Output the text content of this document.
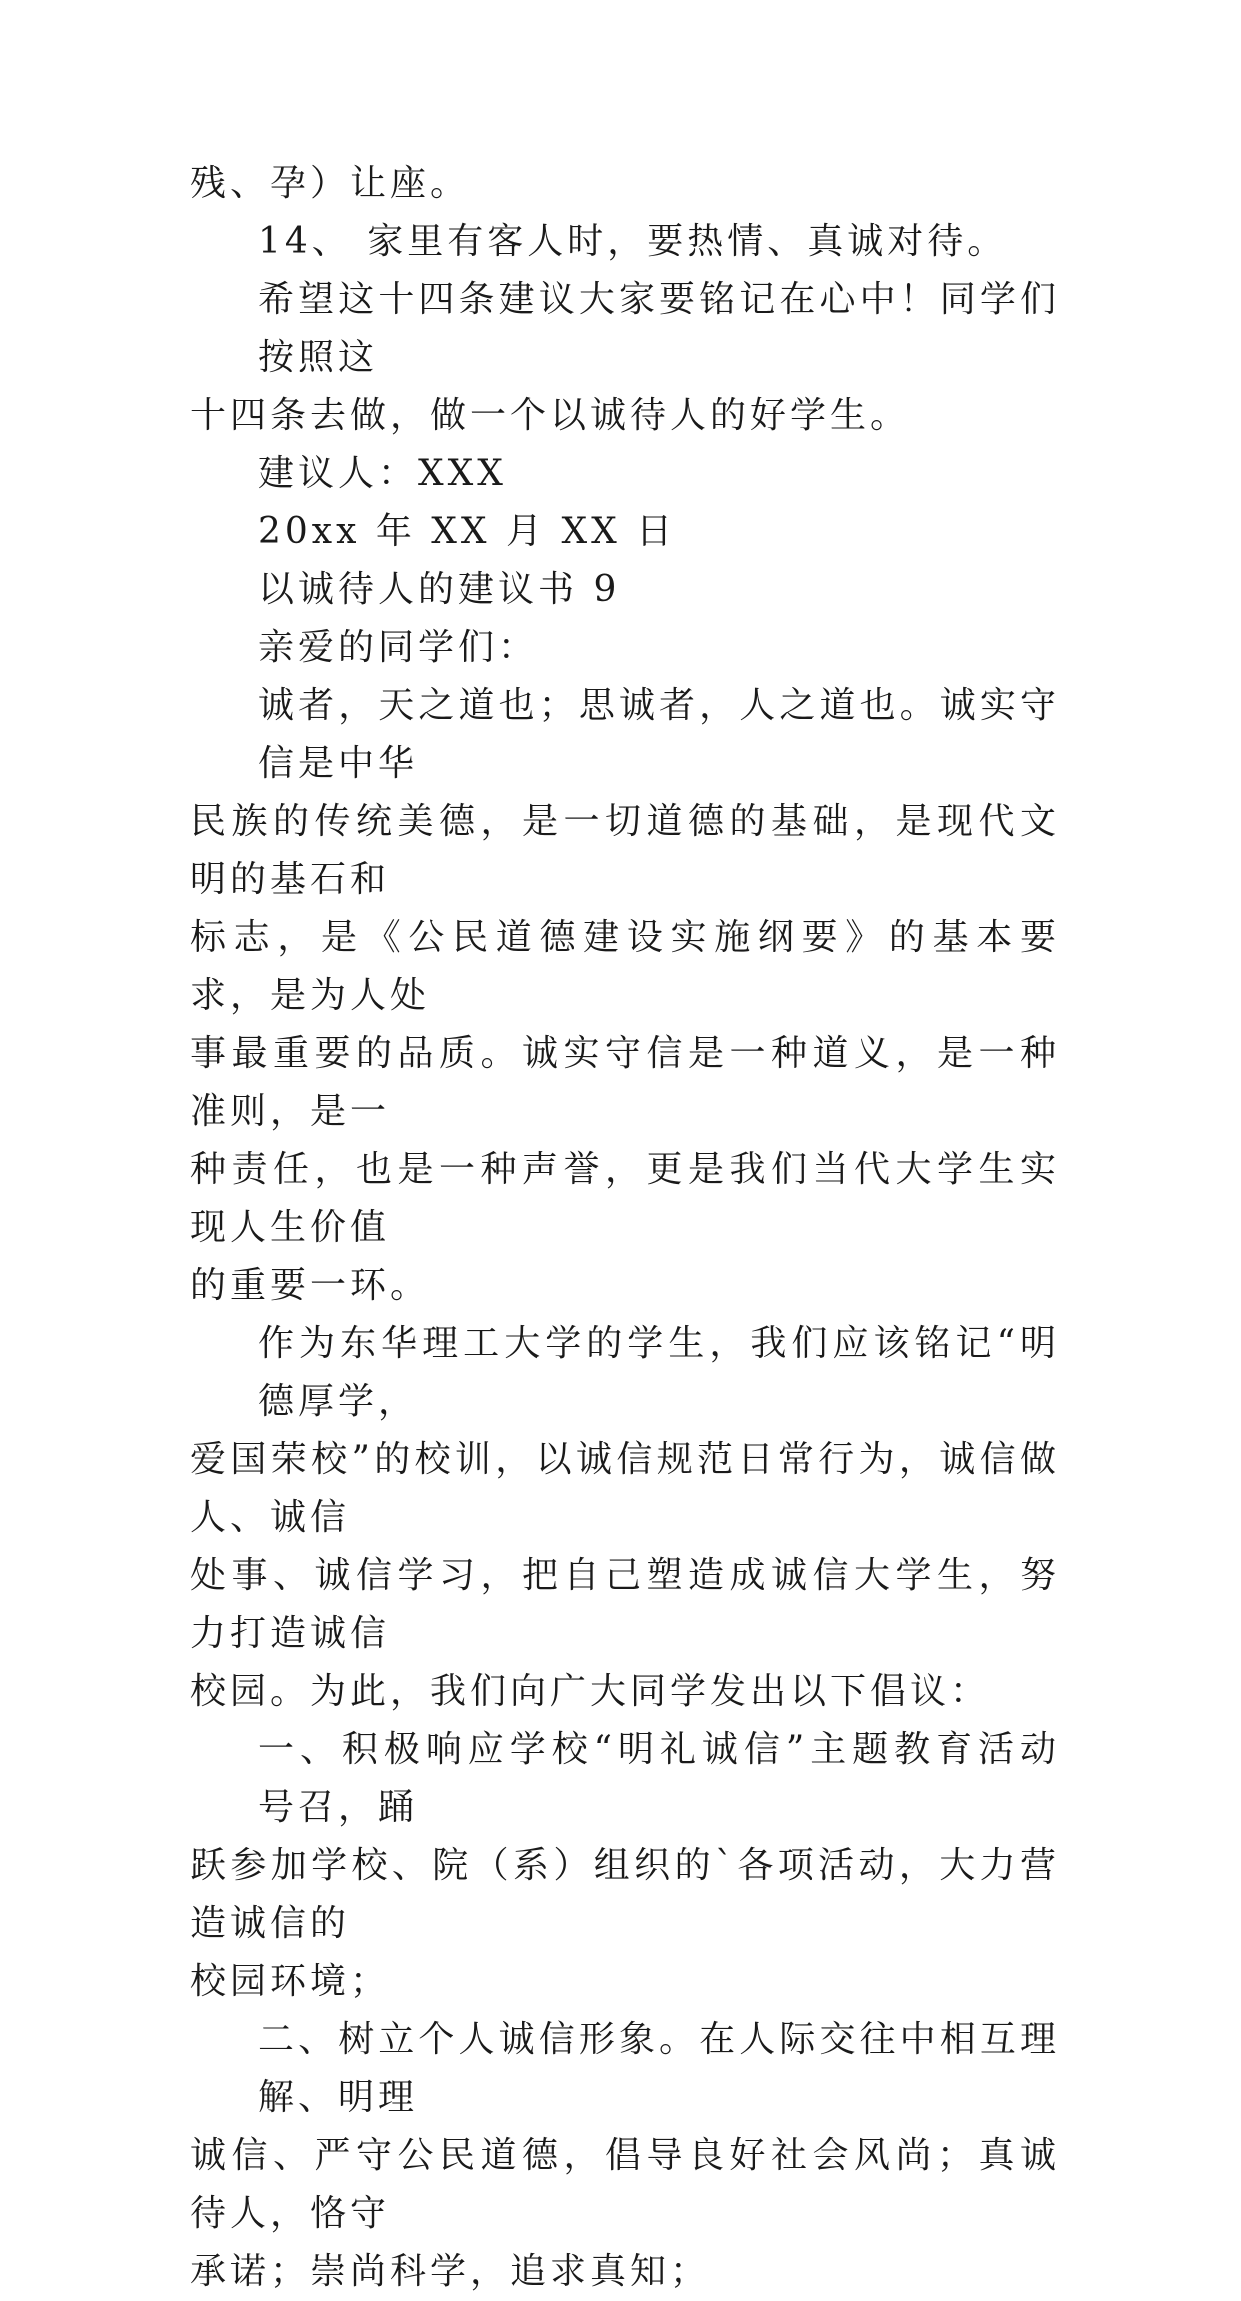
残、孕）让座。
14、 家里有客人时，要热情、真诚对待。
希望这十四条建议大家要铭记在心中！同学们按照这
十四条去做，做一个以诚待人的好学生。
建议人：XXX
20xx 年 XX 月 XX 日
以诚待人的建议书 9
亲爱的同学们：
诚者，天之道也；思诚者，人之道也。诚实守信是中华
民族的传统美德，是一切道德的基础，是现代文明的基石和
标志，是《公民道德建设实施纲要》的基本要求，是为人处
事最重要的品质。诚实守信是一种道义，是一种准则，是一
种责任，也是一种声誉，更是我们当代大学生实现人生价值
的重要一环。
作为东华理工大学的学生，我们应该铭记“明德厚学，
爱国荣校”的校训，以诚信规范日常行为，诚信做人、诚信
处事、诚信学习，把自己塑造成诚信大学生，努力打造诚信
校园。为此，我们向广大同学发出以下倡议：
一、积极响应学校“明礼诚信”主题教育活动号召，踊
跃参加学校、院（系）组织的`各项活动，大力营造诚信的
校园环境；
二、树立个人诚信形象。在人际交往中相互理解、明理
诚信、严守公民道德，倡导良好社会风尚；真诚待人，恪守
承诺；崇尚科学，追求真知；
